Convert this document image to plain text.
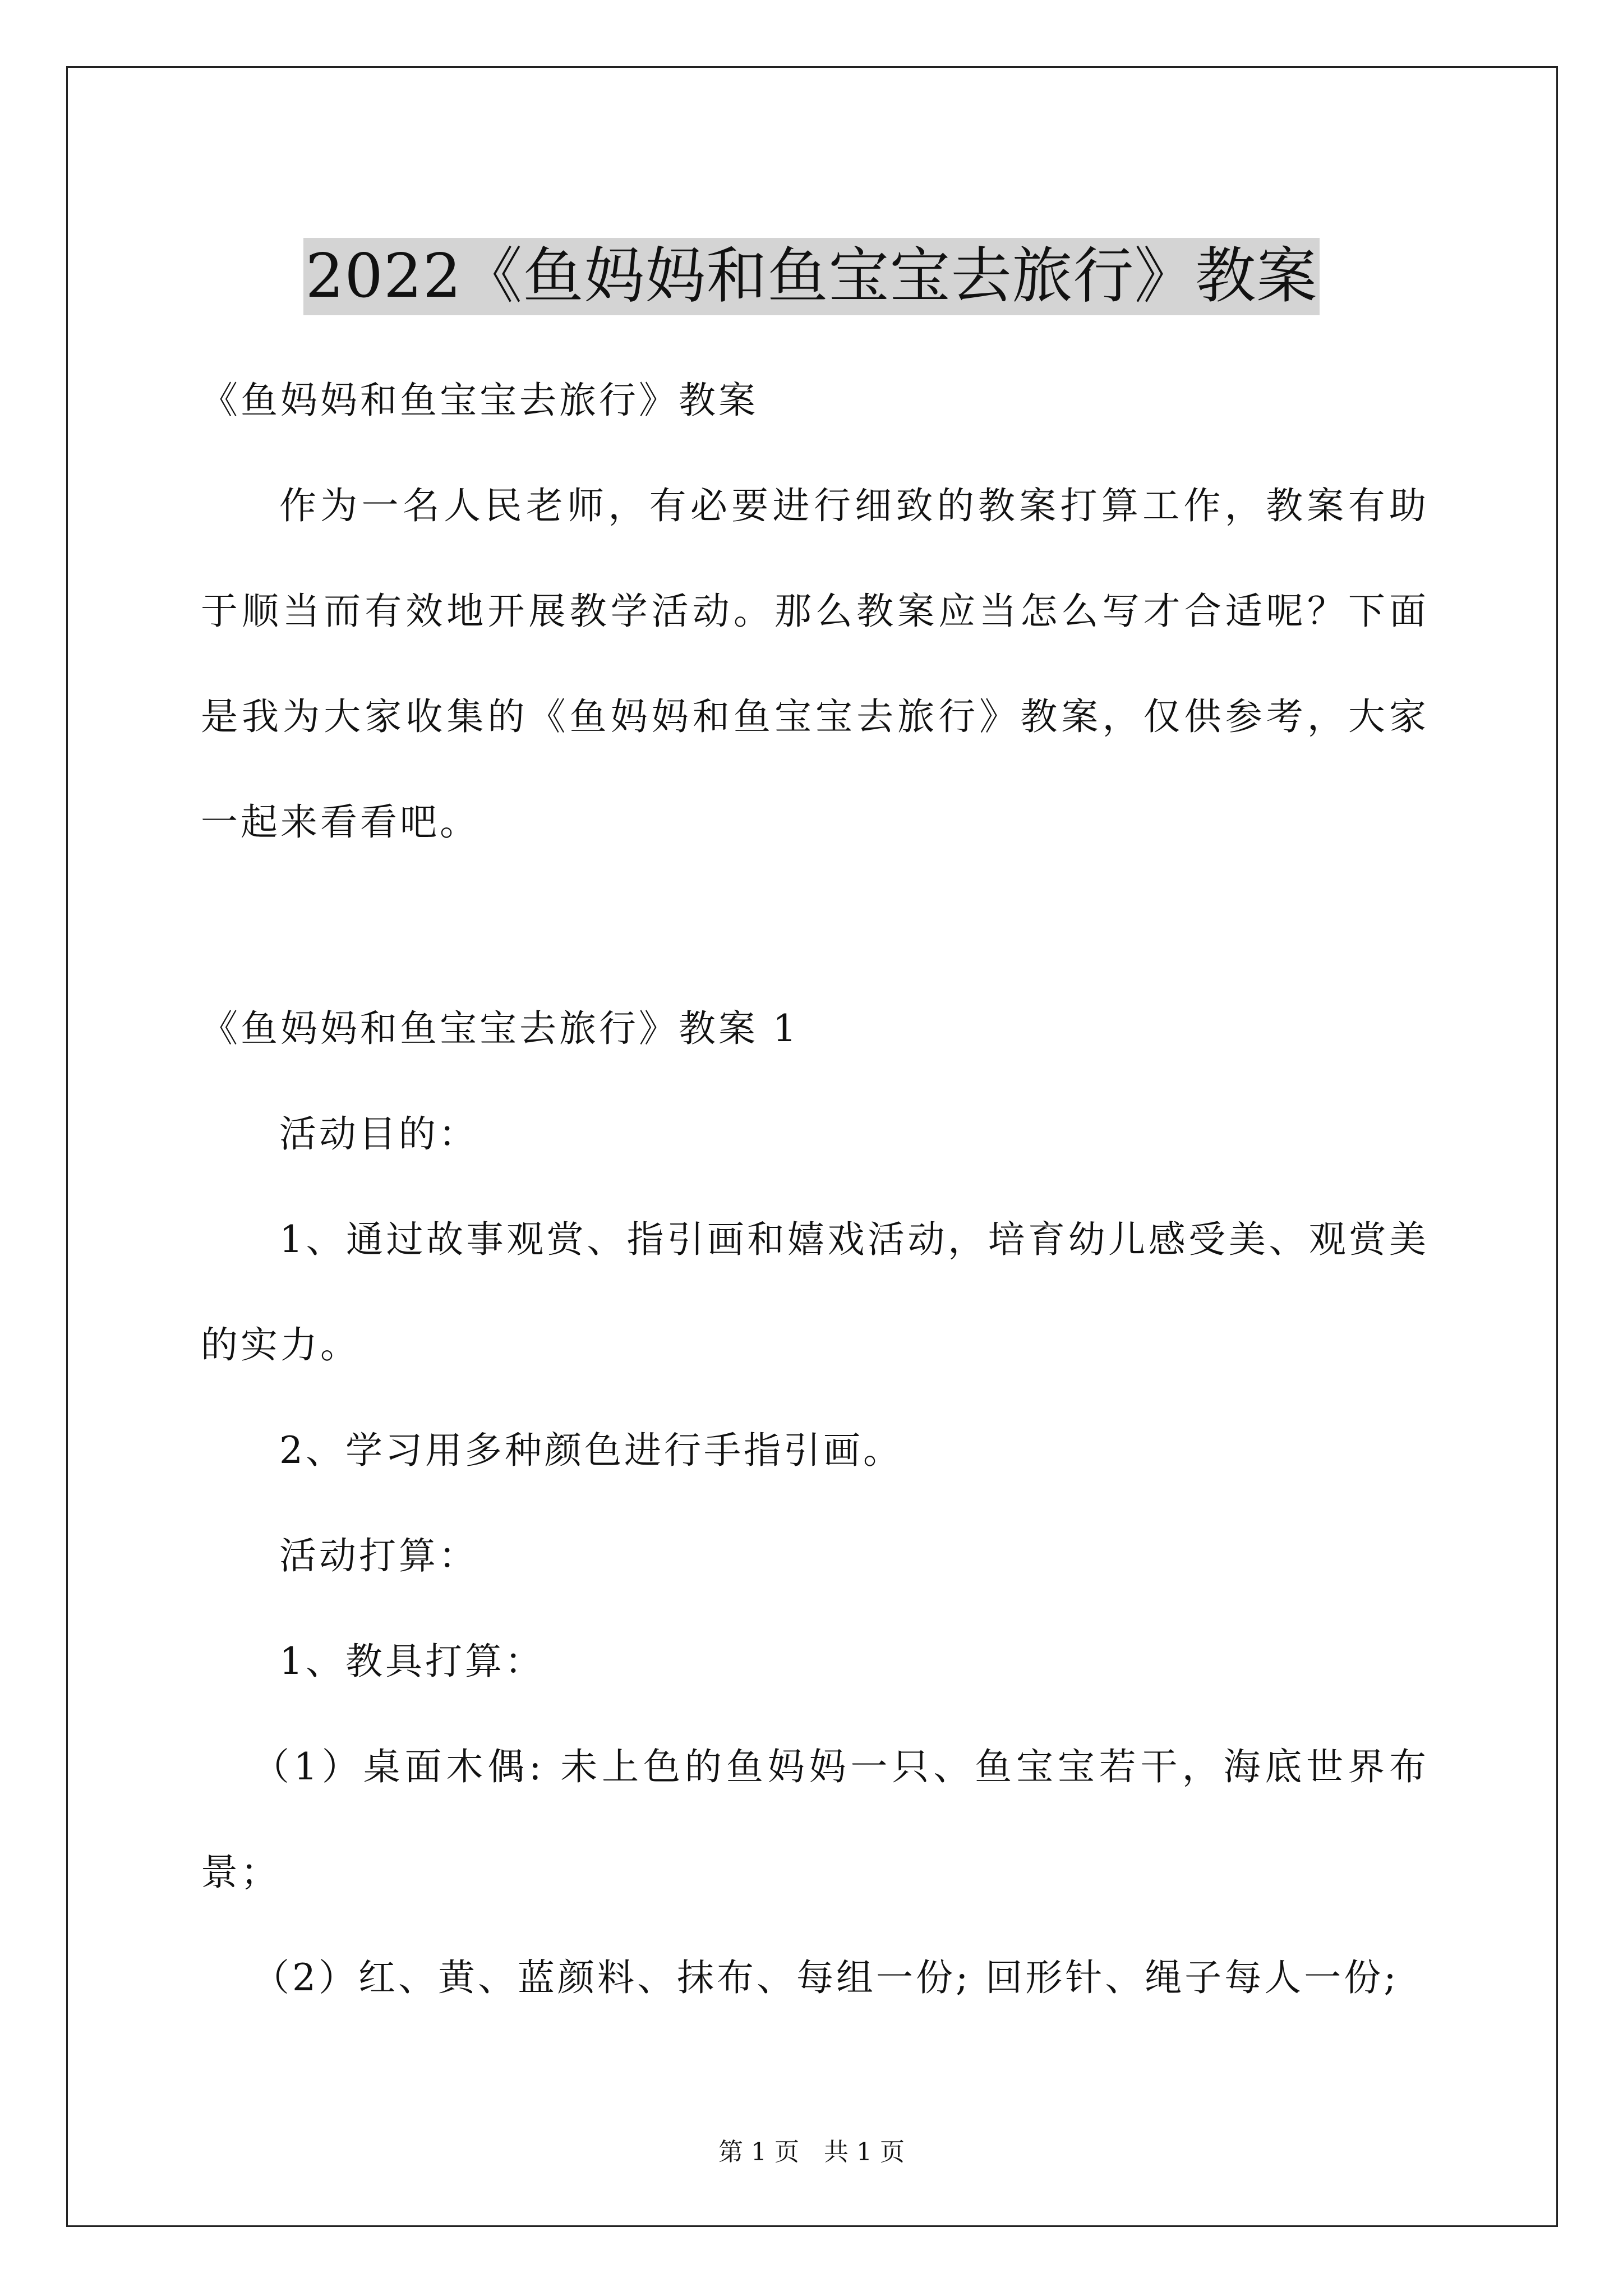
2022《鱼妈妈和鱼宝宝去旅行》教案

《鱼妈妈和鱼宝宝去旅行》教案

作为一名人民老师，有必要进行细致的教案打算工作，教案有助于顺当而有效地开展教学活动。那么教案应当怎么写才合适呢？下面是我为大家收集的《鱼妈妈和鱼宝宝去旅行》教案，仅供参考，大家一起来看看吧。

《鱼妈妈和鱼宝宝去旅行》教案 1

活动目的：

1、通过故事观赏、指引画和嬉戏活动，培育幼儿感受美、观赏美的实力。

2、学习用多种颜色进行手指引画。

活动打算：

1、教具打算：

（1）桌面木偶: 未上色的鱼妈妈一只、鱼宝宝若干，海底世界布景；

（2）红、黄、蓝颜料、抹布、每组一份; 回形针、绳子每人一份;

第 1 页　共 1 页
